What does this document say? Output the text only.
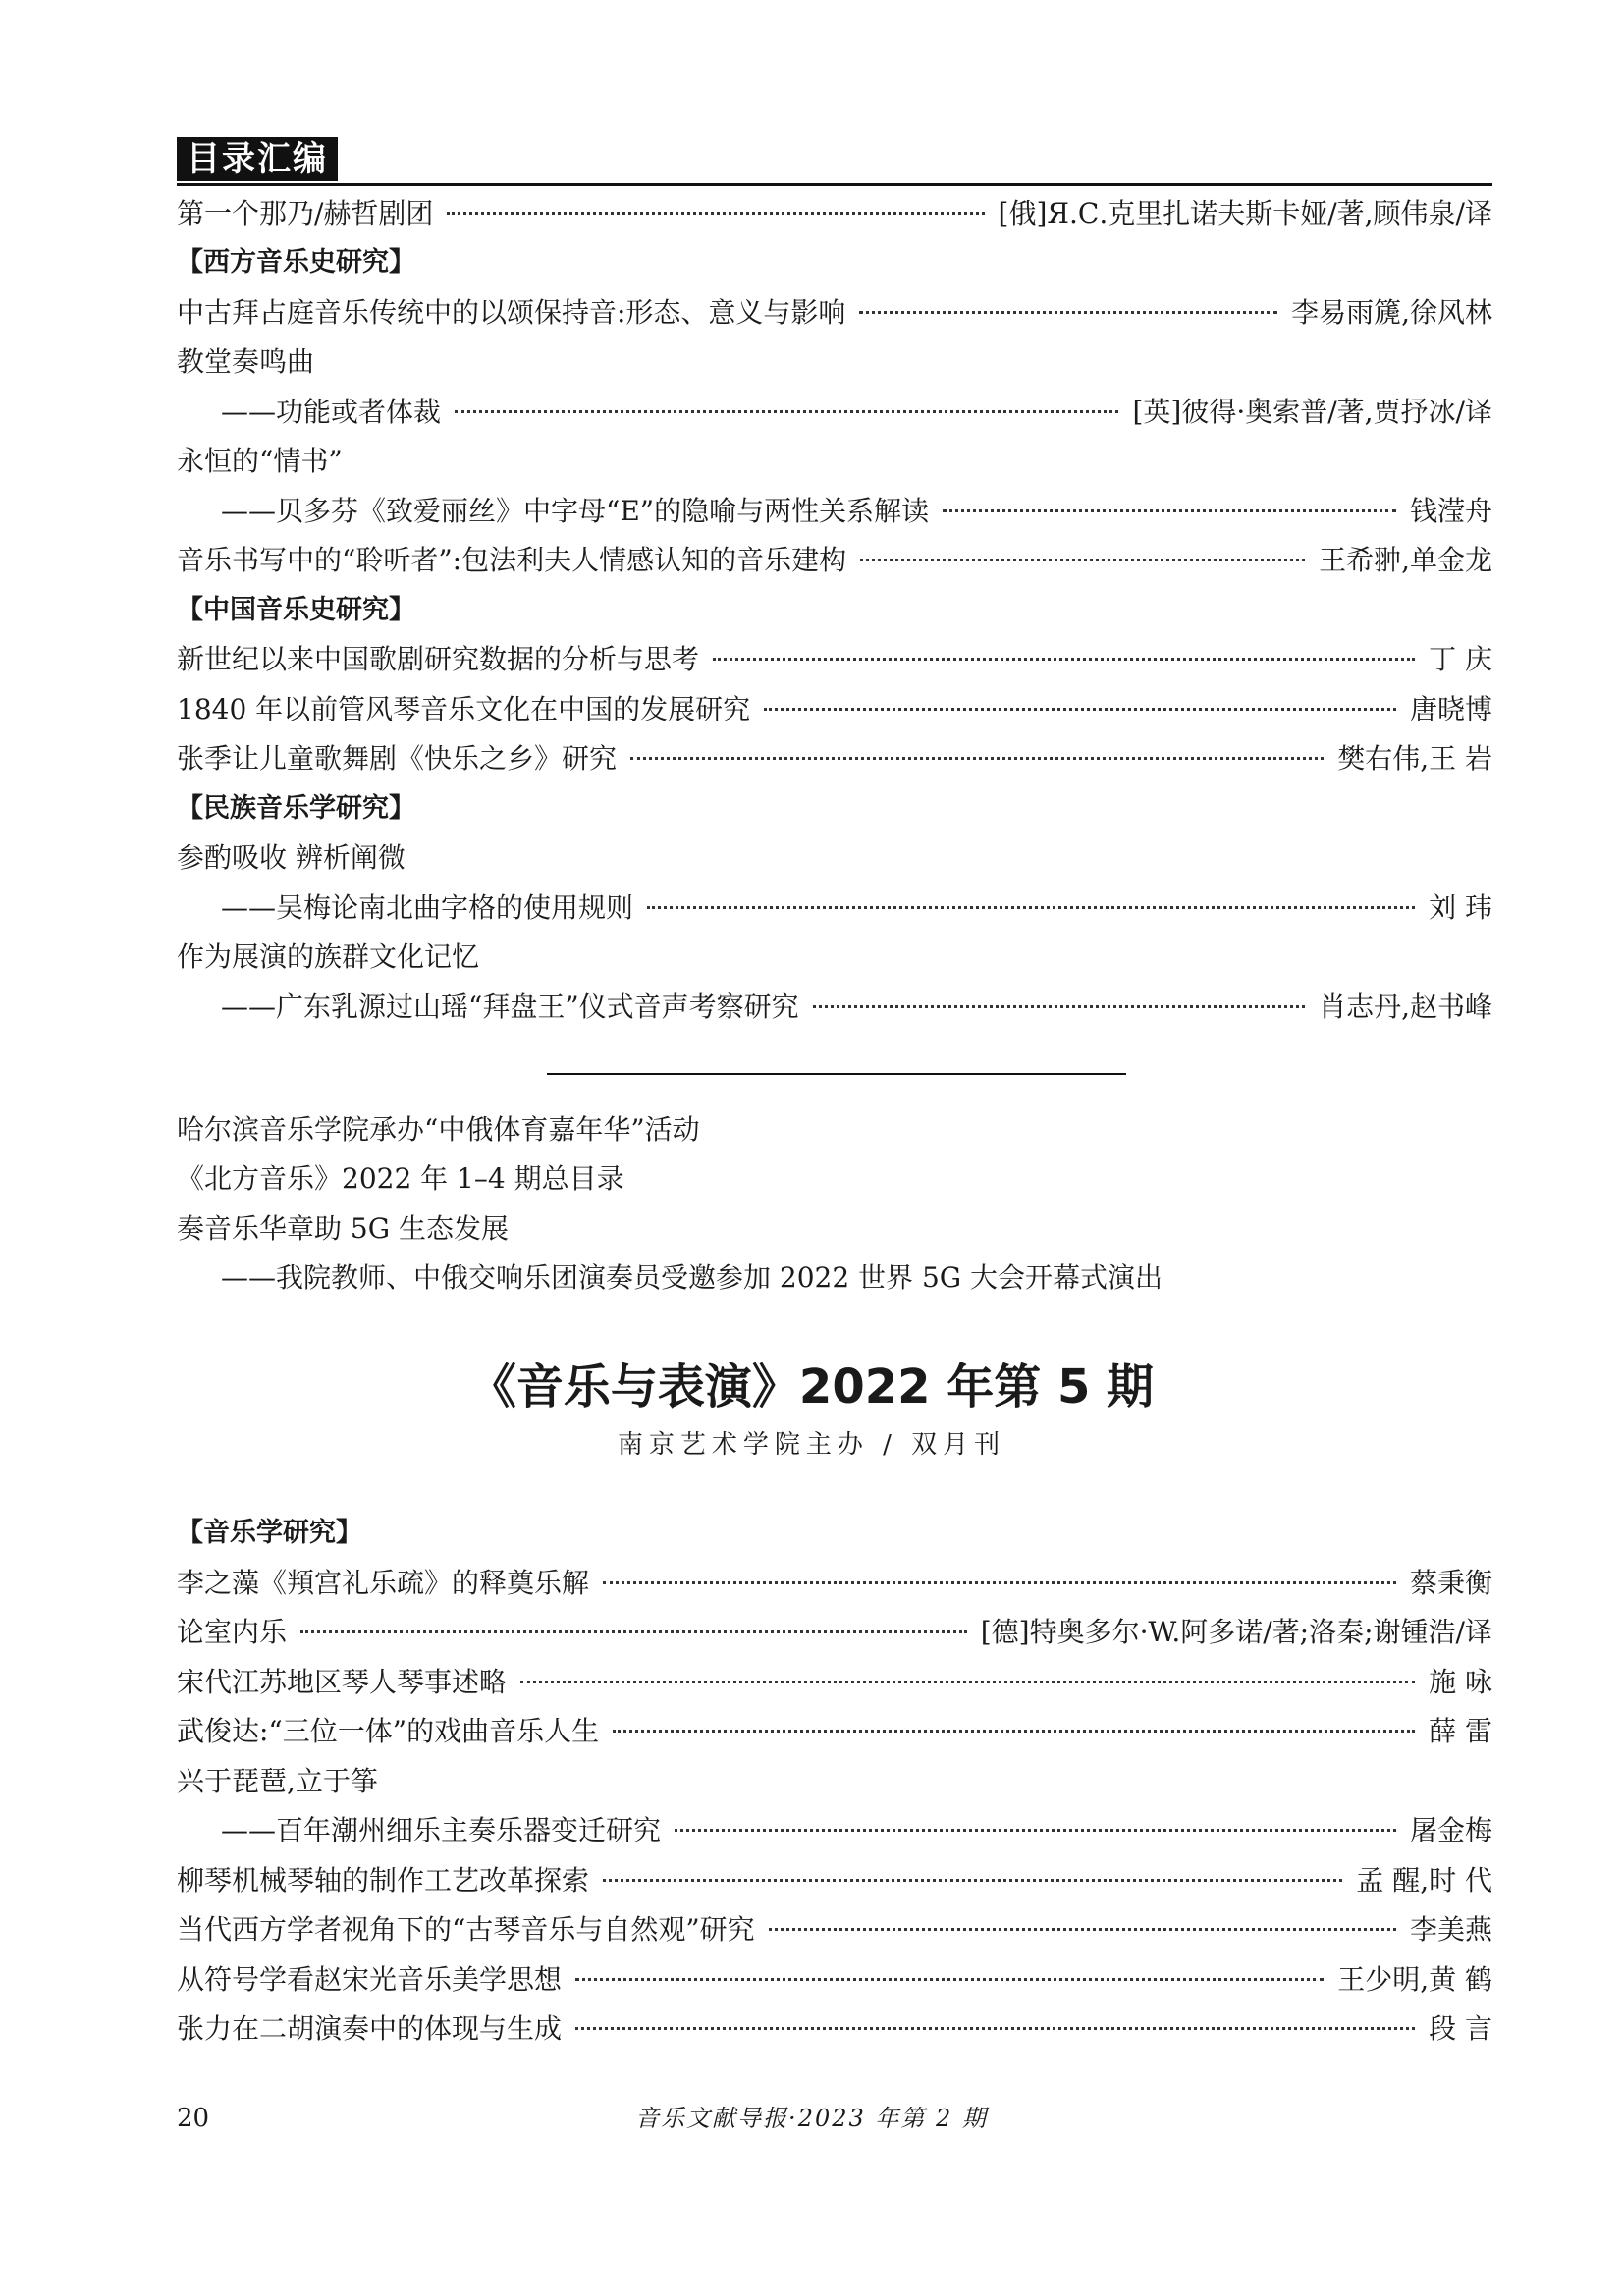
目录汇编
第一个那乃/赫哲剧团	[俄]Я.С.克里扎诺夫斯卡娅/著,顾伟泉/译
【西方音乐史研究】
中古拜占庭音乐传统中的以颂保持音:形态、意义与影响	李易雨篪,徐风林
教堂奏鸣曲
——功能或者体裁	[英]彼得·奥索普/著,贾抒冰/译
永恒的“情书”
——贝多芬《致爱丽丝》中字母“E”的隐喻与两性关系解读	钱滢舟
音乐书写中的“聆听者”:包法利夫人情感认知的音乐建构	王希翀,单金龙
【中国音乐史研究】
新世纪以来中国歌剧研究数据的分析与思考	丁 庆
1840 年以前管风琴音乐文化在中国的发展研究	唐晓博
张季让儿童歌舞剧《快乐之乡》研究	樊右伟,王 岩
【民族音乐学研究】
参酌吸收 辨析阐微
——吴梅论南北曲字格的使用规则	刘 玮
作为展演的族群文化记忆
——广东乳源过山瑶“拜盘王”仪式音声考察研究	肖志丹,赵书峰
哈尔滨音乐学院承办“中俄体育嘉年华”活动
《北方音乐》2022 年 1–4 期总目录
奏音乐华章助 5G 生态发展
——我院教师、中俄交响乐团演奏员受邀参加 2022 世界 5G 大会开幕式演出
《音乐与表演》2022 年第 5 期
南京艺术学院主办 / 双月刊
【音乐学研究】
李之藻《頖宫礼乐疏》的释奠乐解	蔡秉衡
论室内乐	[德]特奥多尔·W.阿多诺/著;洛秦;谢锺浩/译
宋代江苏地区琴人琴事述略	施 咏
武俊达:“三位一体”的戏曲音乐人生	薛 雷
兴于琵琶,立于筝
——百年潮州细乐主奏乐器变迁研究	屠金梅
柳琴机械琴轴的制作工艺改革探索	孟 醒,时 代
当代西方学者视角下的“古琴音乐与自然观”研究	李美燕
从符号学看赵宋光音乐美学思想	王少明,黄 鹤
张力在二胡演奏中的体现与生成	段 言
20	音乐文献导报·2023 年第 2 期
